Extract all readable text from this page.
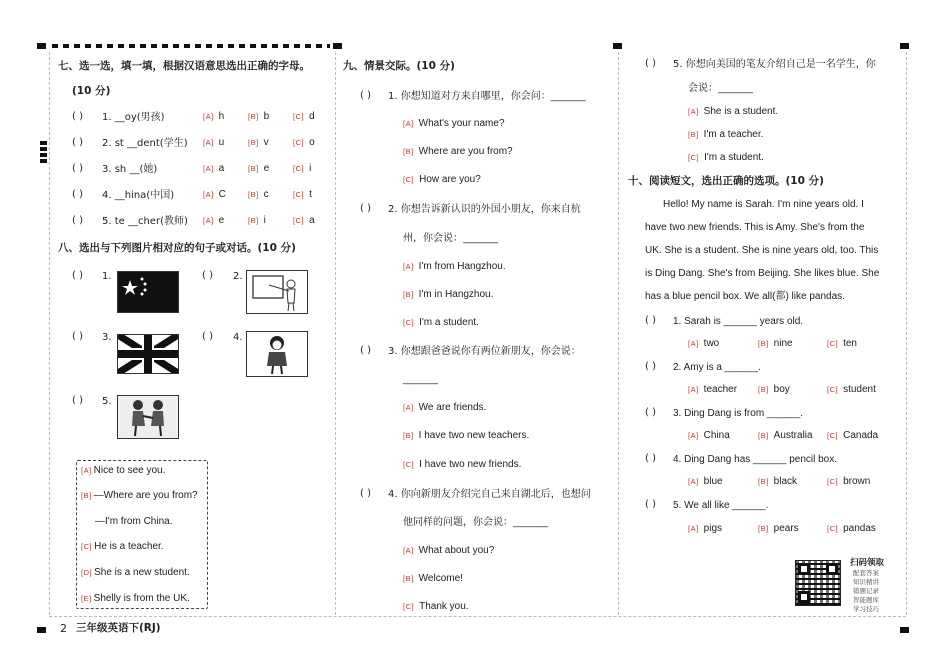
七、选一选，填一填，根据汉语意思选出正确的字母。
(10 分)
八、选出与下列图片相对应的句子或对话。(10 分)
( ) 1.	( ) 2.
( ) 3.	( ) 4.
( ) 5.
九、情景交际。(10 分)
十、阅读短文，选出正确的选项。(10 分)
扫码领取
2 三年级英语下(RJ)
( ) 1. __oy(男孩)	[A] h	[B] b	[C] d
( ) 2. st __dent(学生) [A] u	[B] v	[C] o
( ) 3. sh __(她)	[A] a	[B] e	[C] i
( ) 4. __hina(中国)	[A] C	[B] c	[C] t
( ) 5. te __cher(教师) [A] e	[B] i	[C] a
[A] Nice to see you.
[B] —Where are you from?
—I'm from China.
[C] He is a teacher.
[D] She is a new student.
[E] Shelly is from the UK.
( ) 1. 你想知道对方来自哪里，你会问：_______
[A] What's your name?
[B] Where are you from?
[C] How are you?
( ) 2. 你想告诉新认识的外国小朋友，你来自杭
州，你会说：_______
[A] I'm from Hangzhou.
[B] I'm in Hangzhou.
[C] I'm a student.
( ) 3. 你想跟爸爸说你有两位新朋友，你会说：
_______
[A] We are friends.
[B] I have two new teachers.
[C] I have two new friends.
( ) 4. 你向新朋友介绍完自己来自湖北后，也想问
他同样的问题，你会说：_______
[A] What about you?
[B] Welcome!
[C] Thank you.
( ) 5. 你想向美国的笔友介绍自己是一名学生，你
会说：_______
[A] She is a student.
[B] I'm a teacher.
[C] I'm a student.
Hello! My name is Sarah. I'm nine years old. I
have two new friends. This is Amy. She's from the
UK. She is a student. She is nine years old, too. This
is Ding Dang. She's from Beijing. She likes blue. She
has a blue pencil box. We all(都) like pandas.
( ) 1. Sarah is ______ years old.
[A] two	[B] nine	[C] ten
( ) 2. Amy is a ______.
[A] teacher	[B] boy	[C] student
( ) 3. Ding Dang is from ______.
[A] China	[B] Australia [C] Canada
( ) 4. Ding Dang has ______ pencil box.
[A] blue	[B] black	[C] brown
( ) 5. We all like ______.
[A] pigs	[B] pears	[C] pandas
配套答案
知识精讲
错题记录
智能题库
学习技巧
